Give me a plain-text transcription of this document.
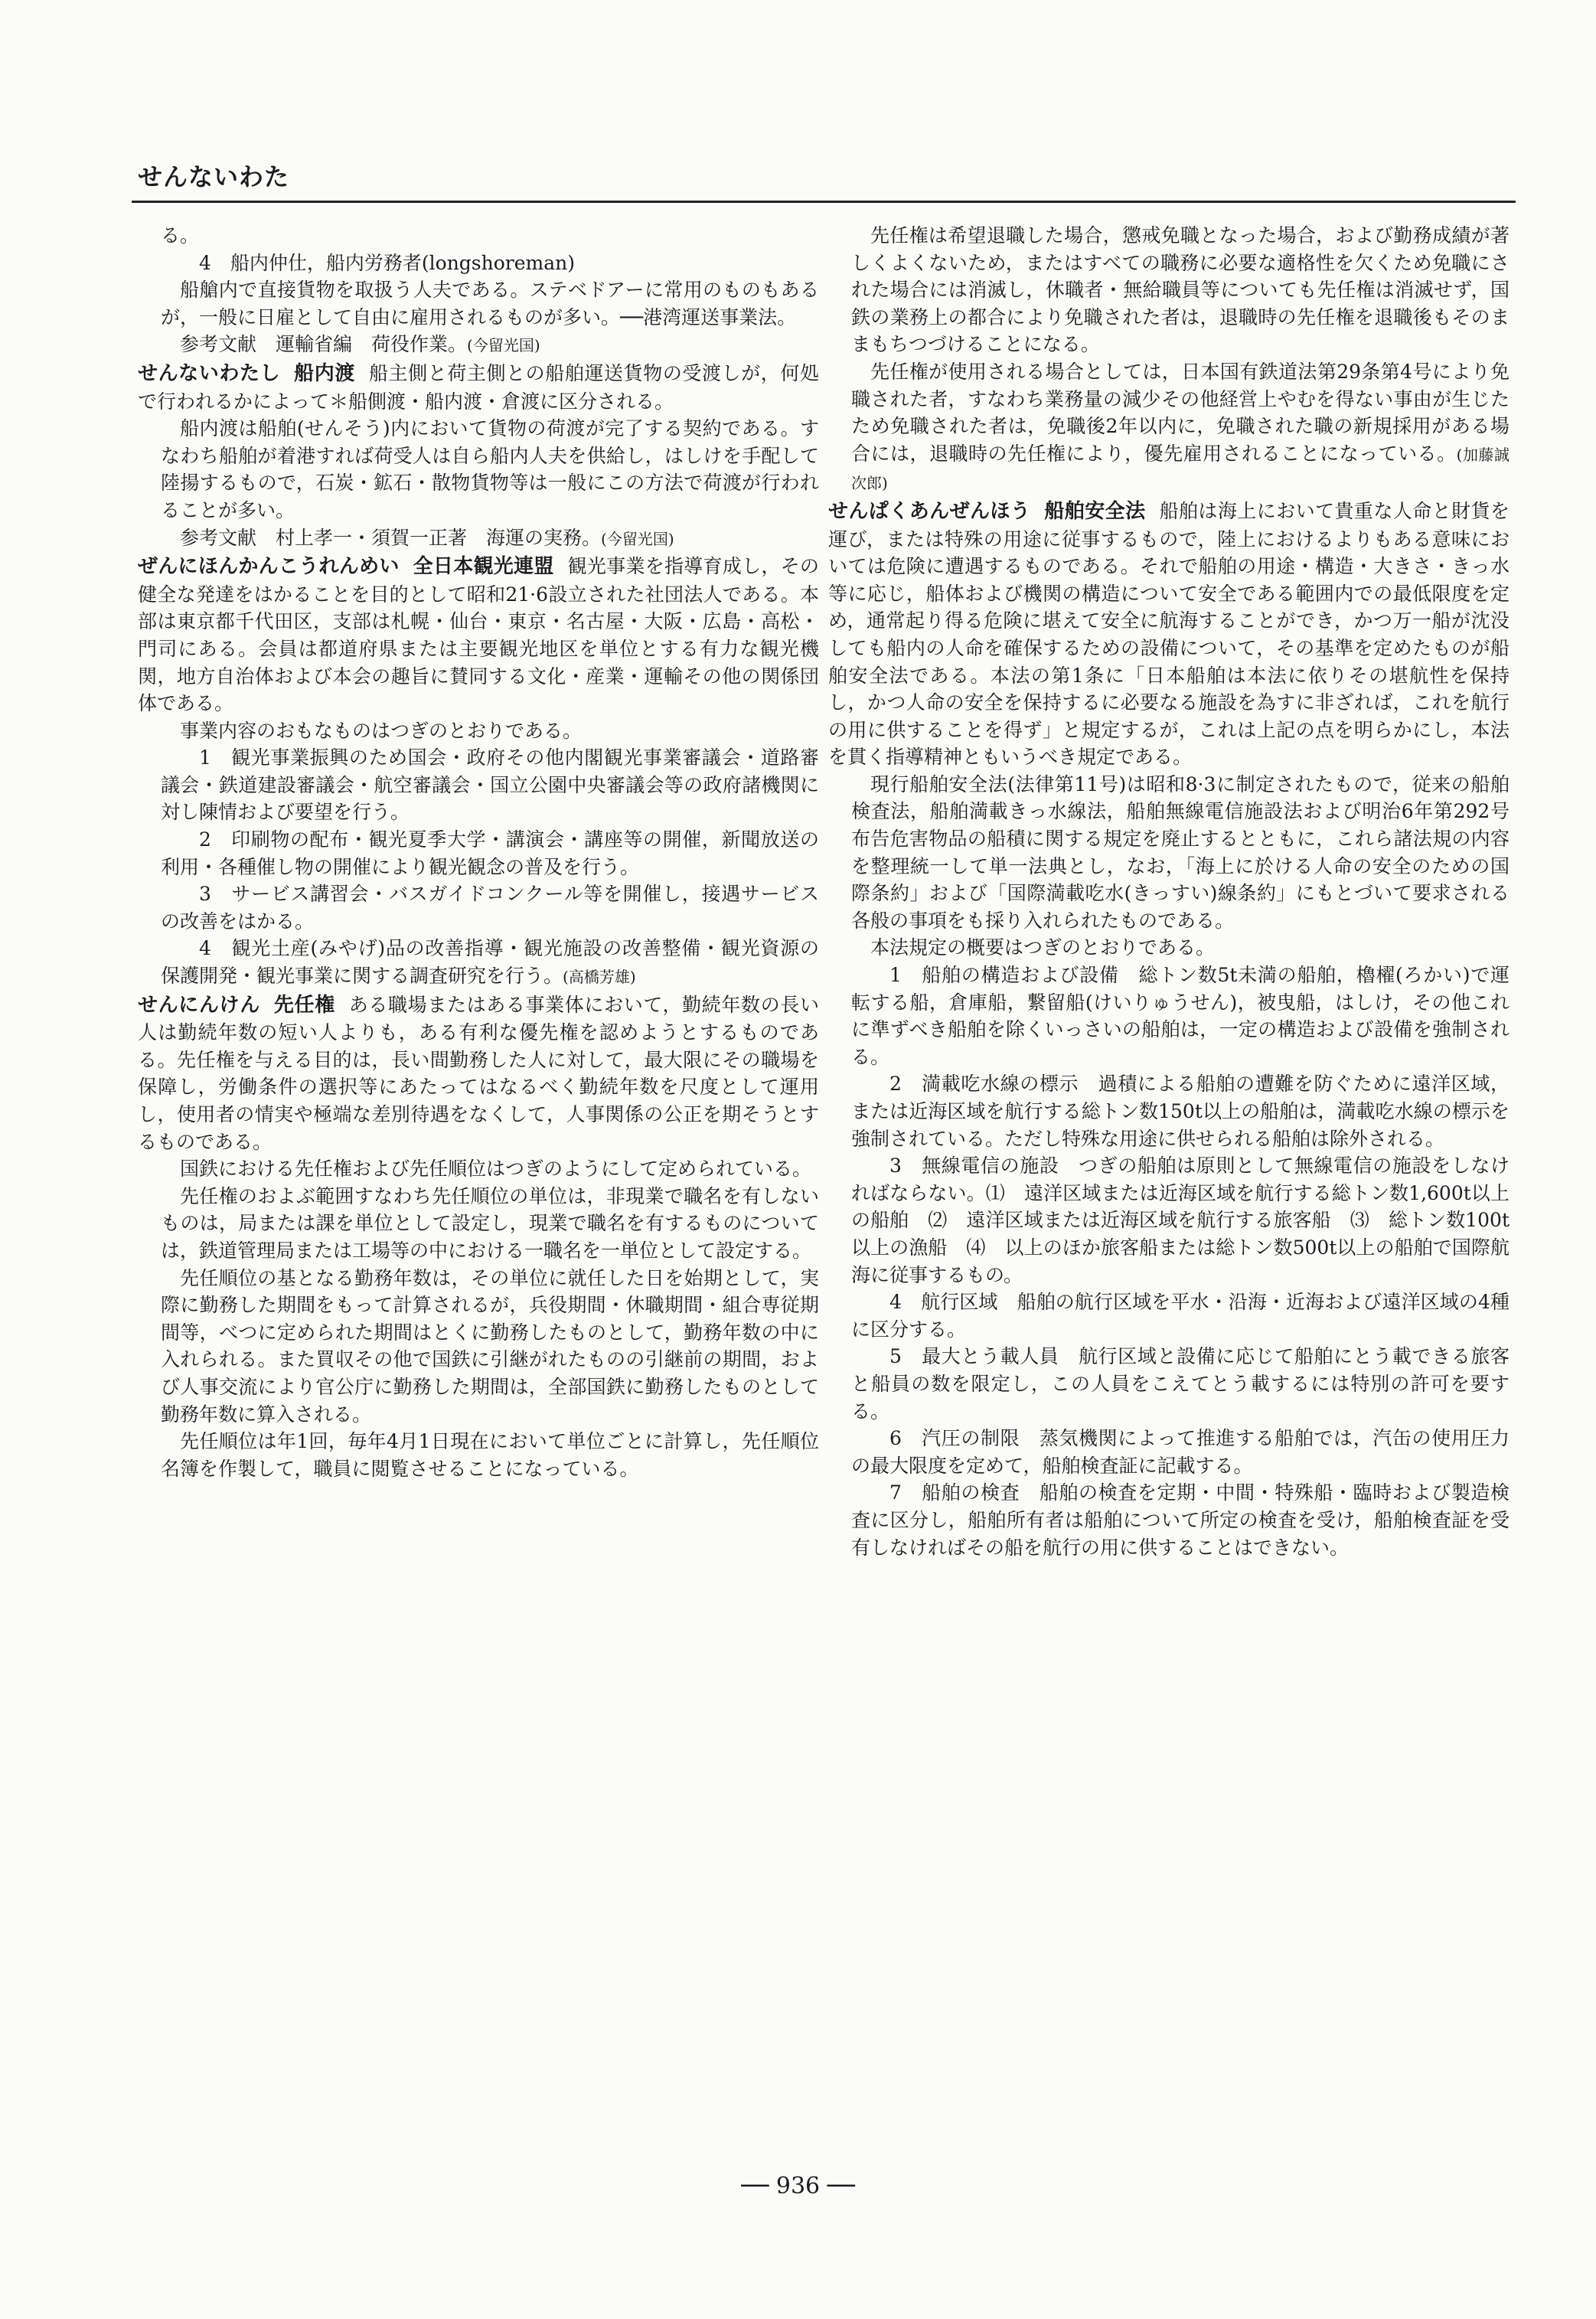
せんないわた

る。

4　船内仲仕，船内労務者(longshoreman)

船艙内で直接貨物を取扱う人夫である。ステベドアーに常用のものもあるが，一般に日雇として自由に雇用されるものが多い。──港湾運送事業法。

参考文献　運輸省編　荷役作業。(今留光国)

せんないわたし 船内渡 船主側と荷主側との船舶運送貨物の受渡しが，何処で行われるかによって＊船側渡・船内渡・倉渡に区分される。

船内渡は船舶(せんそう)内において貨物の荷渡が完了する契約である。すなわち船舶が着港すれば荷受人は自ら船内人夫を供給し，はしけを手配して陸揚するもので，石炭・鉱石・散物貨物等は一般にこの方法で荷渡が行われることが多い。

参考文献　村上孝一・須賀一正著　海運の実務。(今留光国)

ぜんにほんかんこうれんめい 全日本観光連盟 観光事業を指導育成し，その健全な発達をはかることを目的として昭和21·6設立された社団法人である。本部は東京都千代田区，支部は札幌・仙台・東京・名古屋・大阪・広島・高松・門司にある。会員は都道府県または主要観光地区を単位とする有力な観光機関，地方自治体および本会の趣旨に賛同する文化・産業・運輸その他の関係団体である。

事業内容のおもなものはつぎのとおりである。

1　観光事業振興のため国会・政府その他内閣観光事業審議会・道路審議会・鉄道建設審議会・航空審議会・国立公園中央審議会等の政府諸機関に対し陳情および要望を行う。

2　印刷物の配布・観光夏季大学・講演会・講座等の開催，新聞放送の利用・各種催し物の開催により観光観念の普及を行う。

3　サービス講習会・バスガイドコンクール等を開催し，接遇サービスの改善をはかる。

4　観光土産(みやげ)品の改善指導・観光施設の改善整備・観光資源の保護開発・観光事業に関する調査研究を行う。(高橋芳雄)

せんにんけん 先任権 ある職場またはある事業体において，勤続年数の長い人は勤続年数の短い人よりも，ある有利な優先権を認めようとするものである。先任権を与える目的は，長い間勤務した人に対して，最大限にその職場を保障し，労働条件の選択等にあたってはなるべく勤続年数を尺度として運用し，使用者の情実や極端な差別待遇をなくして，人事関係の公正を期そうとするものである。

国鉄における先任権および先任順位はつぎのようにして定められている。

先任権のおよぶ範囲すなわち先任順位の単位は，非現業で職名を有しないものは，局または課を単位として設定し，現業で職名を有するものについては，鉄道管理局または工場等の中における一職名を一単位として設定する。

先任順位の基となる勤務年数は，その単位に就任した日を始期として，実際に勤務した期間をもって計算されるが，兵役期間・休職期間・組合専従期間等，べつに定められた期間はとくに勤務したものとして，勤務年数の中に入れられる。また買収その他で国鉄に引継がれたものの引継前の期間，および人事交流により官公庁に勤務した期間は，全部国鉄に勤務したものとして勤務年数に算入される。

先任順位は年1回，毎年4月1日現在において単位ごとに計算し，先任順位名簿を作製して，職員に閲覧させることになっている。

先任権は希望退職した場合，懲戒免職となった場合，および勤務成績が著しくよくないため，またはすべての職務に必要な適格性を欠くため免職にされた場合には消滅し，休職者・無給職員等についても先任権は消滅せず，国鉄の業務上の都合により免職された者は，退職時の先任権を退職後もそのままもちつづけることになる。

先任権が使用される場合としては，日本国有鉄道法第29条第4号により免職された者，すなわち業務量の減少その他経営上やむを得ない事由が生じたため免職された者は，免職後2年以内に，免職された職の新規採用がある場合には，退職時の先任権により，優先雇用されることになっている。(加藤誠次郎)

せんぱくあんぜんほう 船舶安全法 船舶は海上において貴重な人命と財貨を運び，または特殊の用途に従事するもので，陸上におけるよりもある意味においては危険に遭遇するものである。それで船舶の用途・構造・大きさ・きっ水等に応じ，船体および機関の構造について安全である範囲内での最低限度を定め，通常起り得る危険に堪えて安全に航海することができ，かつ万一船が沈没しても船内の人命を確保するための設備について，その基準を定めたものが船舶安全法である。本法の第1条に「日本船舶は本法に依りその堪航性を保持し，かつ人命の安全を保持するに必要なる施設を為すに非ざれば，これを航行の用に供することを得ず」と規定するが，これは上記の点を明らかにし，本法を貫く指導精神ともいうべき規定である。

現行船舶安全法(法律第11号)は昭和8·3に制定されたもので，従来の船舶検査法，船舶満載きっ水線法，船舶無線電信施設法および明治6年第292号布告危害物品の船積に関する規定を廃止するとともに，これら諸法規の内容を整理統一して単一法典とし，なお，「海上に於ける人命の安全のための国際条約」および「国際満載吃水(きっすい)線条約」にもとづいて要求される各般の事項をも採り入れられたものである。

本法規定の概要はつぎのとおりである。

1　船舶の構造および設備　総トン数5t未満の船舶，櫓櫂(ろかい)で運転する船，倉庫船，繋留船(けいりゅうせん)，被曳船，はしけ，その他これに準ずべき船舶を除くいっさいの船舶は，一定の構造および設備を強制される。

2　満載吃水線の標示　過積による船舶の遭難を防ぐために遠洋区域，または近海区域を航行する総トン数150t以上の船舶は，満載吃水線の標示を強制されている。ただし特殊な用途に供せられる船舶は除外される。

3　無線電信の施設　つぎの船舶は原則として無線電信の施設をしなければならない。⑴　遠洋区域または近海区域を航行する総トン数1,600t以上の船舶　⑵　遠洋区域または近海区域を航行する旅客船　⑶　総トン数100t以上の漁船　⑷　以上のほか旅客船または総トン数500t以上の船舶で国際航海に従事するもの。

4　航行区域　船舶の航行区域を平水・沿海・近海および遠洋区域の4種に区分する。

5　最大とう載人員　航行区域と設備に応じて船舶にとう載できる旅客と船員の数を限定し，この人員をこえてとう載するには特別の許可を要する。

6　汽圧の制限　蒸気機関によって推進する船舶では，汽缶の使用圧力の最大限度を定めて，船舶検査証に記載する。

7　船舶の検査　船舶の検査を定期・中間・特殊船・臨時および製造検査に区分し，船舶所有者は船舶について所定の検査を受け，船舶検査証を受有しなければその船を航行の用に供することはできない。

── 936 ──
